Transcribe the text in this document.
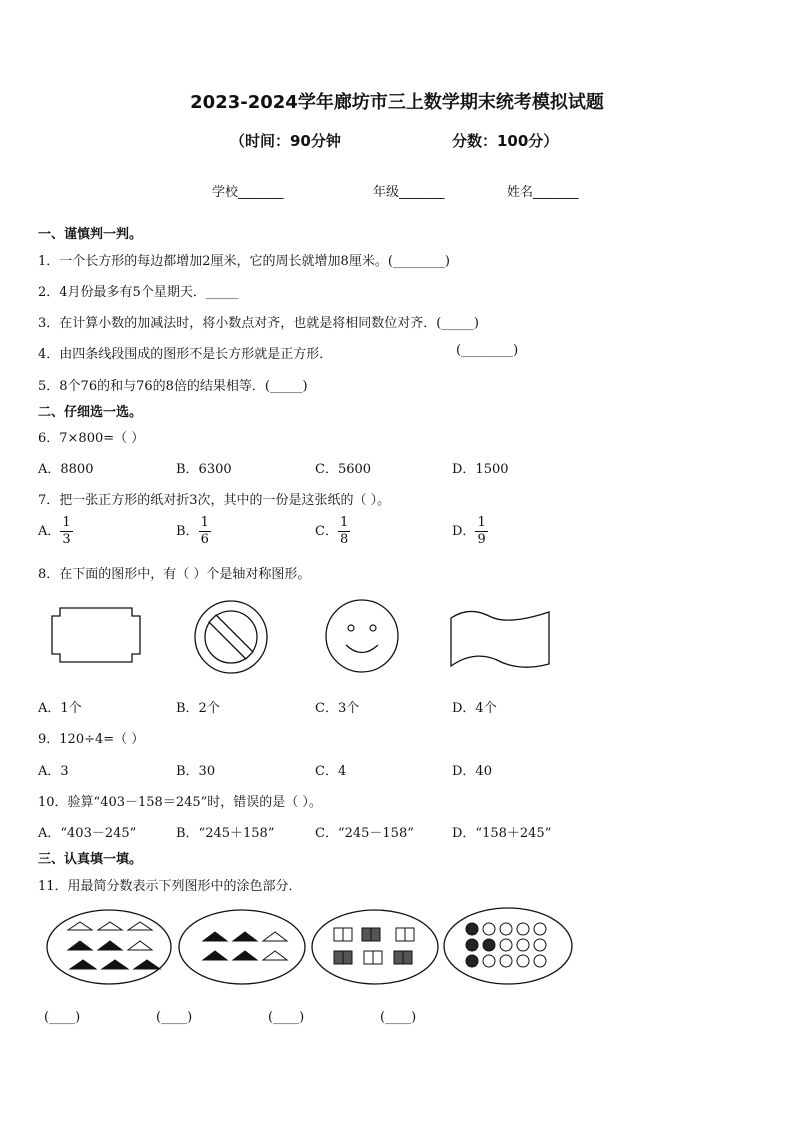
2023-2024学年廊坊市三上数学期末统考模拟试题
（时间：90分钟	分数：100分）
学校_______	年级_______	姓名_______
一、谨慎判一判。
1．一个长方形的每边都增加2厘米，它的周长就增加8厘米。(________)
2．4月份最多有5个星期天．_____
3．在计算小数的加减法时，将小数点对齐，也就是将相同数位对齐．(_____)
4．由四条线段围成的图形不是长方形就是正方形．	(________)
5．8个76的和与76的8倍的结果相等．(_____)
二、仔细选一选。
6．7×800=（ ）
A．8800	B．6300	C．5600	D．1500
7．把一张正方形的纸对折3次，其中的一份是这张纸的（ ）。
A． $\frac{1}{3}$	B． $\frac{1}{6}$	C． $\frac{1}{8}$	D． $\frac{1}{9}$
8．在下面的图形中，有（ ）个是轴对称图形。
A．1个	B．2个	C．3个	D．4个
9．120÷4=（ ）
A．3	B．30	C．4	D．40
10．验算“403－158＝245”时，错误的是（ ）。
A．“403－245”	B．“245＋158”	C．“245－158”	D．“158＋245”
三、认真填一填。
11．用最简分数表示下列图形中的涂色部分．
(____)	(____)	(____)	(____)
